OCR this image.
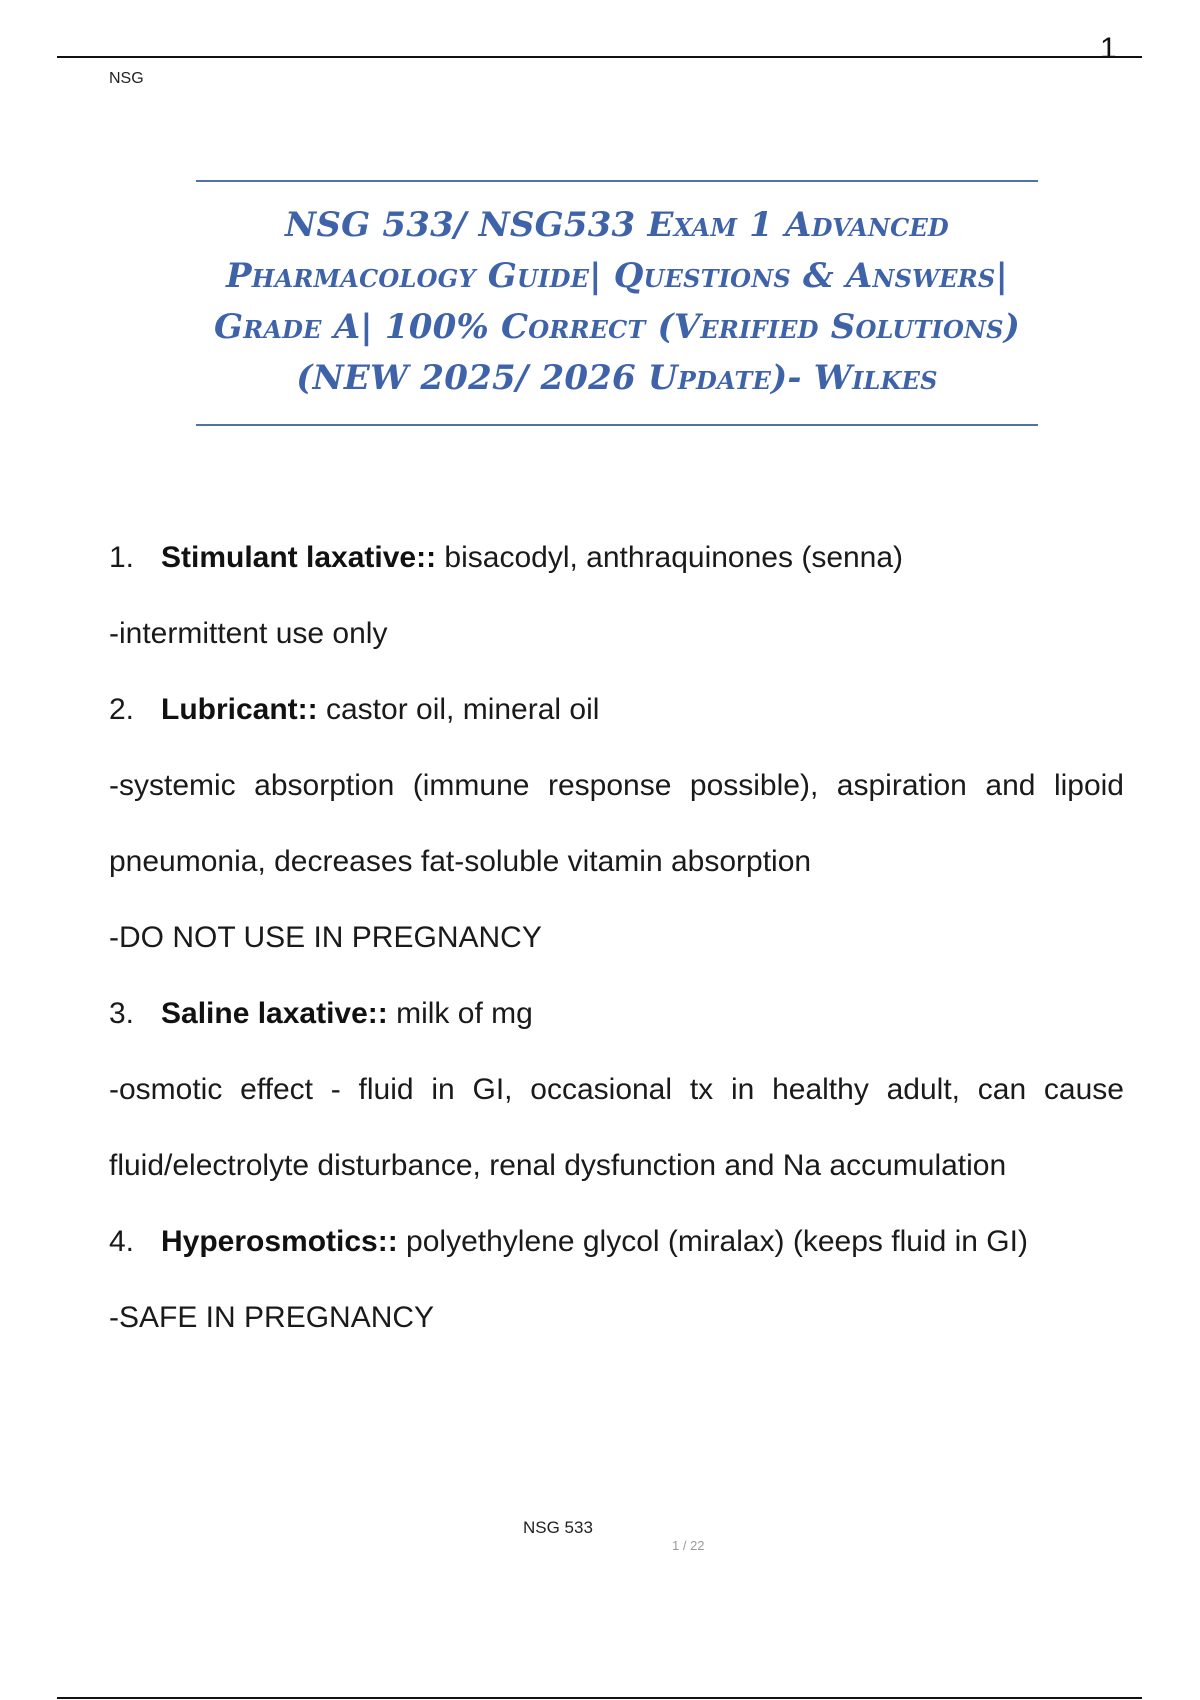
1
NSG
NSG 533/ NSG533 Exam 1 Advanced
Pharmacology Guide| Questions & Answers|
Grade A| 100% Correct (Verified Solutions)
(NEW 2025/ 2026 Update)- Wilkes
1. Stimulant laxative:: bisacodyl, anthraquinones (senna)
-intermittent use only
2. Lubricant:: castor oil, mineral oil
-systemic absorption (immune response possible), aspiration and lipoid
pneumonia, decreases fat-soluble vitamin absorption
-DO NOT USE IN PREGNANCY
3. Saline laxative:: milk of mg
-osmotic effect - fluid in GI, occasional tx in healthy adult, can cause
fluid/electrolyte disturbance, renal dysfunction and Na accumulation
4. Hyperosmotics:: polyethylene glycol (miralax) (keeps fluid in GI)
-SAFE IN PREGNANCY
NSG 533
1 / 22
